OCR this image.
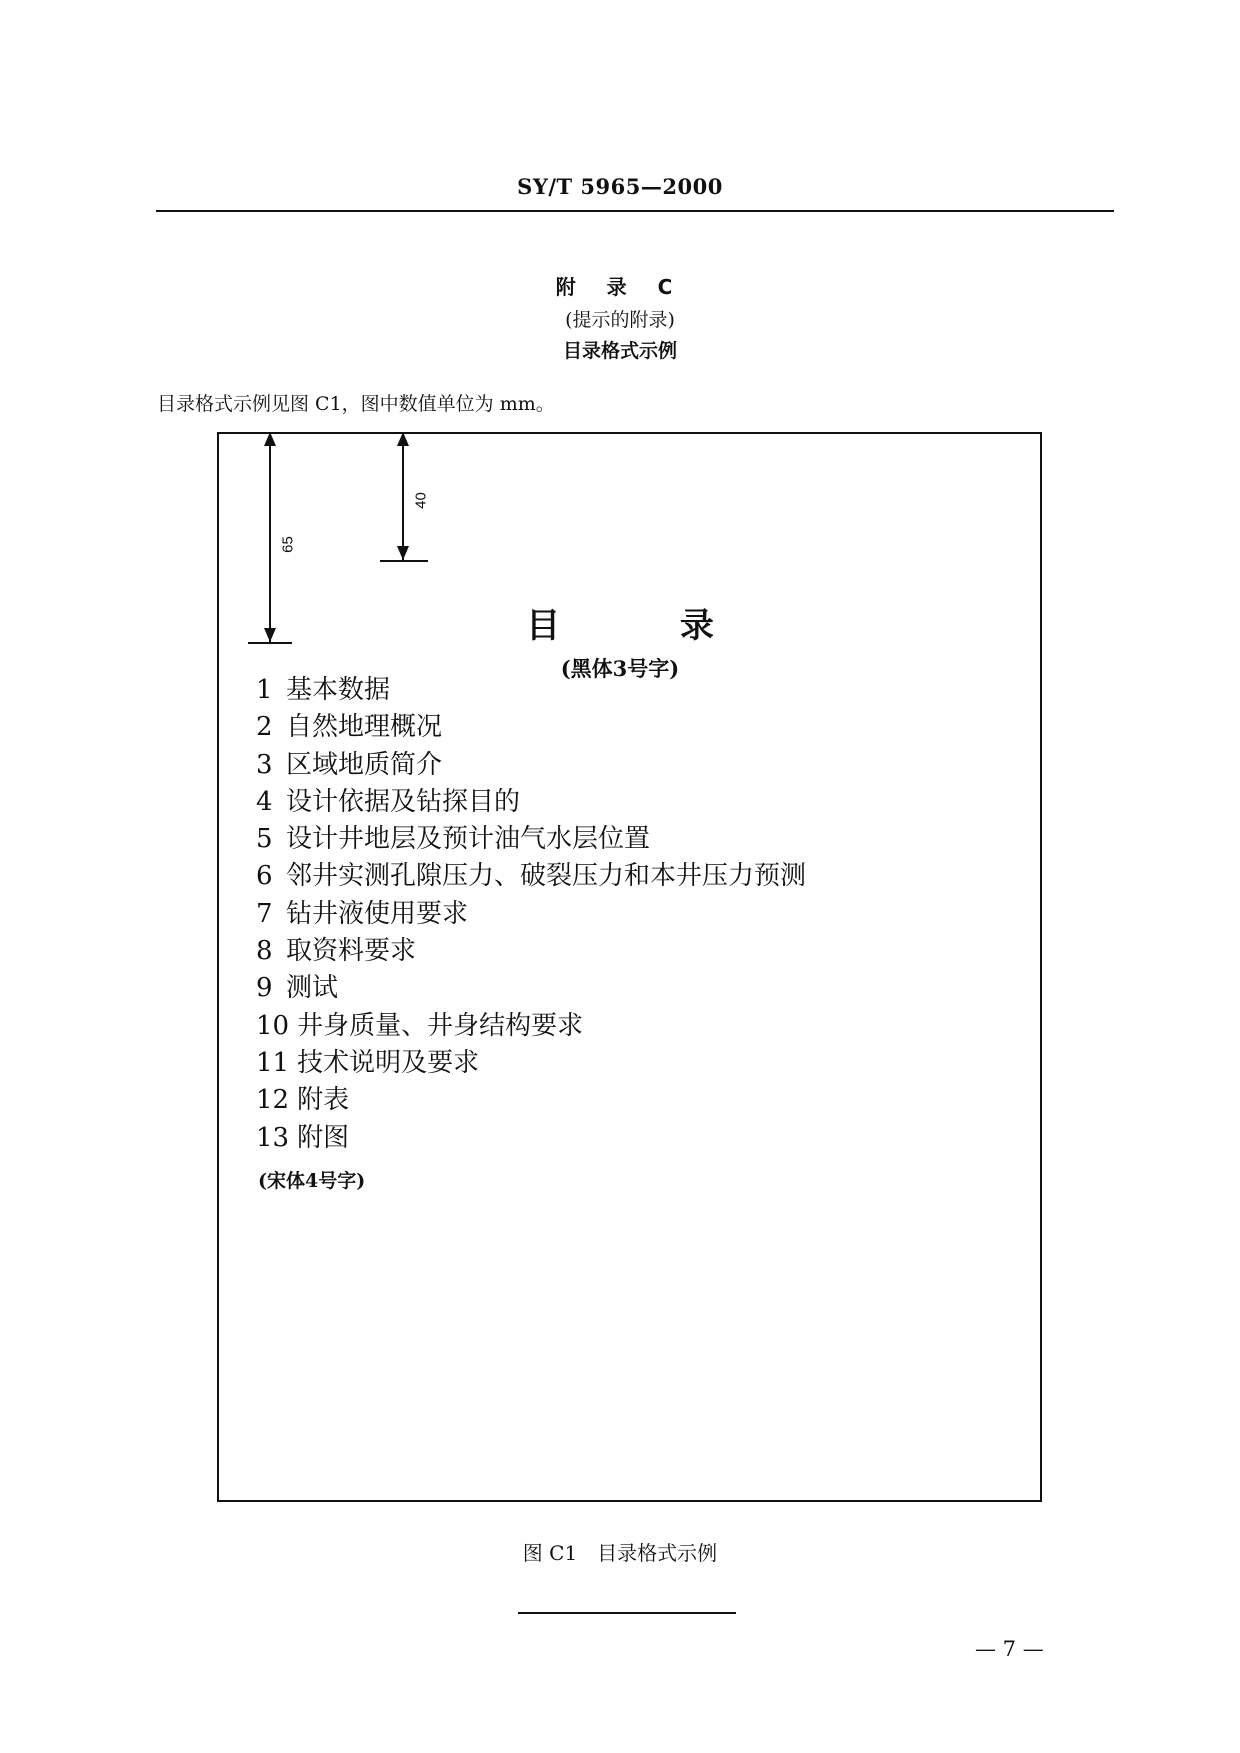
SY/T 5965—2000
附 录 C
(提示的附录)
目录格式示例
目录格式示例见图 C1，图中数值单位为 mm。
65
40
目 录
(黑体3号字)
1 基本数据
2 自然地理概况
3 区域地质简介
4 设计依据及钻探目的
5 设计井地层及预计油气水层位置
6 邻井实测孔隙压力、破裂压力和本井压力预测
7 钻井液使用要求
8 取资料要求
9 测试
10 井身质量、井身结构要求
11 技术说明及要求
12 附表
13 附图
(宋体4号字)
图 C1　目录格式示例
— 7 —
